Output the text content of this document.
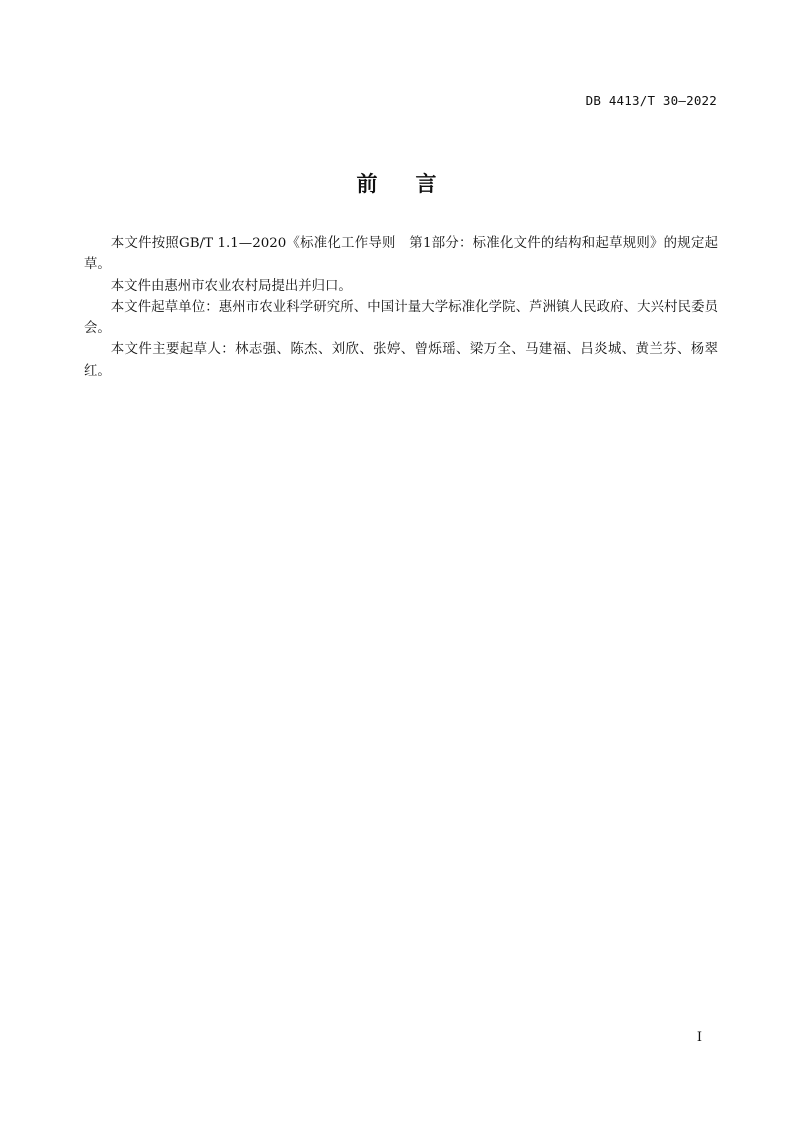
DB 4413/T 30—2022
前言

本文件按照GB/T 1.1—2020《标准化工作导则　第1部分：标准化文件的结构和起草规则》的规定起草。

本文件由惠州市农业农村局提出并归口。

本文件起草单位：惠州市农业科学研究所、中国计量大学标准化学院、芦洲镇人民政府、大兴村民委员会。

本文件主要起草人：林志强、陈杰、刘欣、张婷、曾烁瑶、梁万全、马建福、吕炎城、黄兰芬、杨翠红。

I
